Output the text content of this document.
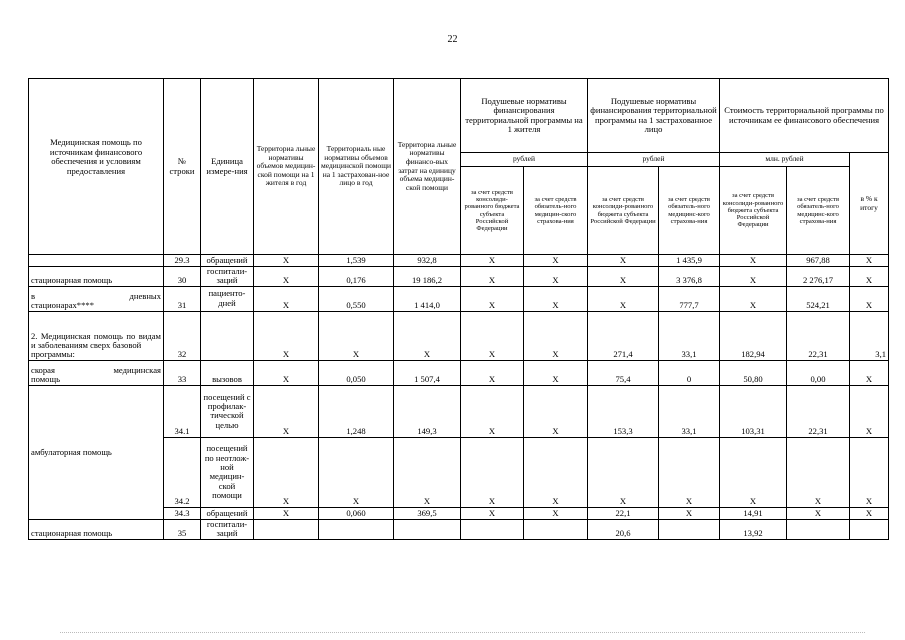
22
Медицинская помощь по источникам финансового обеспечения и условиям предоставления	№ строки	Единица измере-ния	Территориа льные нормативы объемов медицин-ской помощи на 1 жителя в год	Территориаль ные нормативы объемов медицинской помощи на 1 застрахован-ное лицо в год	Территориа льные нормативы финансо-вых затрат на единицу объема медицин-ской помощи	Подушевые нормативы финансирования территориальной программы на 1 жителя		Подушевые нормативы финансирования территориальной программы на 1 застрахованное лицо		Стоимость территориальной программы по источникам ее финансового обеспечения		
						рублей		рублей		млн. рублей		в % к итогу
						за счет средств консолиди-рованного бюджета субъекта Российской Федерации	за счет средств обязатель-ного медицин-ского страхова-ния	за счет средств консолиди-рованного бюджета субъекта Российской Федерации	за счет средств обязатель-ного медицинс-кого страхова-ния	за счет средств консолиди-рованного бюджета субъекта Российской Федерации	за счет средств обязатель-ного медицинс-кого страхова-ния	
	29.3	обращений	Х	1,539	932,8	Х	Х	Х	1 435,9	Х	967,88	Х
стационарная помощь	30	госпитали-заций	Х	0,176	19 186,2	Х	Х	Х	3 376,8	Х	2 276,17	Х

в дневных
стационарах****	31	пациенто-дней	Х	0,550	1 414,0	Х	Х	Х	777,7	Х	524,21	Х

2. Медицинская помощь по видам и заболеваниям сверх базовой
программы:	32		Х	Х	Х	Х	Х	271,4	33,1	182,94	22,31	3,1

скорая медицинская
помощь	33	вызовов	Х	0,050	1 507,4	Х	Х	75,4	0	50,80	0,00	Х
амбулаторная помощь	34.1	посещений с профилак-тической целью	Х	1,248	149,3	Х	Х	153,3	33,1	103,31	22,31	Х
	34.2	посещений по неотлож-ной медицин-ской помощи	Х	Х	Х	Х	Х	Х	Х	Х	Х	Х
	34.3	обращений	Х	0,060	369,5	Х	Х	22,1	Х	14,91	Х	Х
стационарная помощь	35	госпитали-заций						20,6		13,92		
